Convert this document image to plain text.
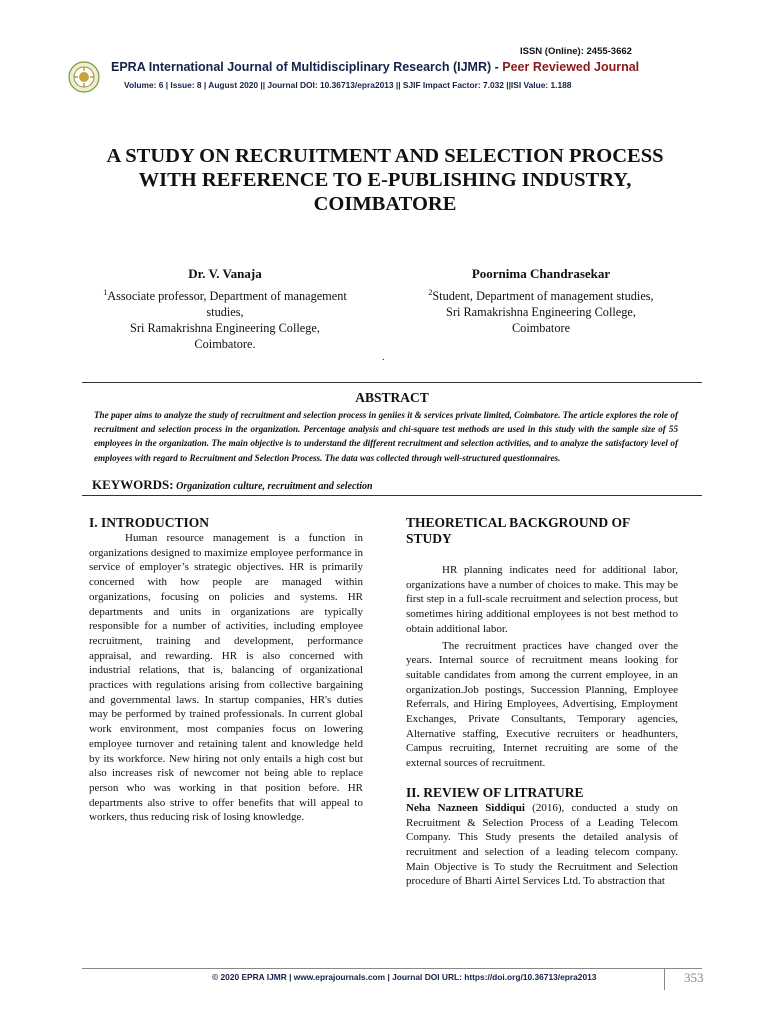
ISSN (Online): 2455-3662
EPRA International Journal of Multidisciplinary Research (IJMR) - Peer Reviewed Journal
Volume: 6 | Issue: 8 | August 2020 || Journal DOI: 10.36713/epra2013 || SJIF Impact Factor: 7.032 ||ISI Value: 1.188
A STUDY ON RECRUITMENT AND SELECTION PROCESS WITH REFERENCE TO E-PUBLISHING INDUSTRY, COIMBATORE
Dr. V. Vanaja
$^1$Associate professor, Department of management studies,
Sri Ramakrishna Engineering College,
Coimbatore.
Poornima Chandrasekar
$^2$Student, Department of management studies,
Sri Ramakrishna Engineering College,
Coimbatore
.
ABSTRACT
The paper aims to analyze the study of recruitment and selection process in geniies it & services private limited, Coimbatore. The article explores the role of recruitment and selection process in the organization. Percentage analysis and chi-square test methods are used in this study with the sample size of 55 employees in the organization. The main objective is to understand the different recruitment and selection activities, and to analyze the satisfactory level of employees with regard to Recruitment and Selection Process. The data was collected through well-structured questionnaires.
KEYWORDS: Organization culture, recruitment and selection
I. INTRODUCTION

Human resource management is a function in organizations designed to maximize employee performance in service of employer’s strategic objectives. HR is primarily concerned with how people are managed within organizations, focusing on policies and systems. HR departments and units in organizations are typically responsible for a number of activities, including employee recruitment, training and development, performance appraisal, and rewarding. HR is also concerned with industrial relations, that is, balancing of organizational practices with regulations arising from collective bargaining and governmental laws. In startup companies, HR's duties may be performed by trained professionals. In current global work environment, most companies focus on lowering employee turnover and retaining talent and knowledge held by its workforce. New hiring not only entails a high cost but also increases risk of newcomer not being able to replace person who was working in that position before. HR departments also strive to offer benefits that will appeal to workers, thus reducing risk of losing knowledge.

THEORETICAL BACKGROUND OF STUDY

HR planning indicates need for additional labor, organizations have a number of choices to make. This may be first step in a full-scale recruitment and selection process, but sometimes hiring additional employees is not best method to obtain additional labor.

The recruitment practices have changed over the years. Internal source of recruitment means looking for suitable candidates from among the current employee, in an organization.Job postings, Succession Planning, Employee Referrals, and Hiring Employees, Advertising, Employment Exchanges, Private Consultants, Temporary agencies, Alternative staffing, Executive recruiters or headhunters, Campus recruiting, Internet recruiting are some of the external sources of recruitment.

II. REVIEW OF LITRATURE

Neha Nazneen Siddiqui (2016), conducted a study on Recruitment & Selection Process of a Leading Telecom Company. This Study presents the detailed analysis of recruitment and selection of a leading telecom company. Main Objective is To study the Recruitment and Selection procedure of Bharti Airtel Services Ltd. To abstraction that

© 2020 EPRA IJMR | www.eprajournals.com | Journal DOI URL: https://doi.org/10.36713/epra2013	353
